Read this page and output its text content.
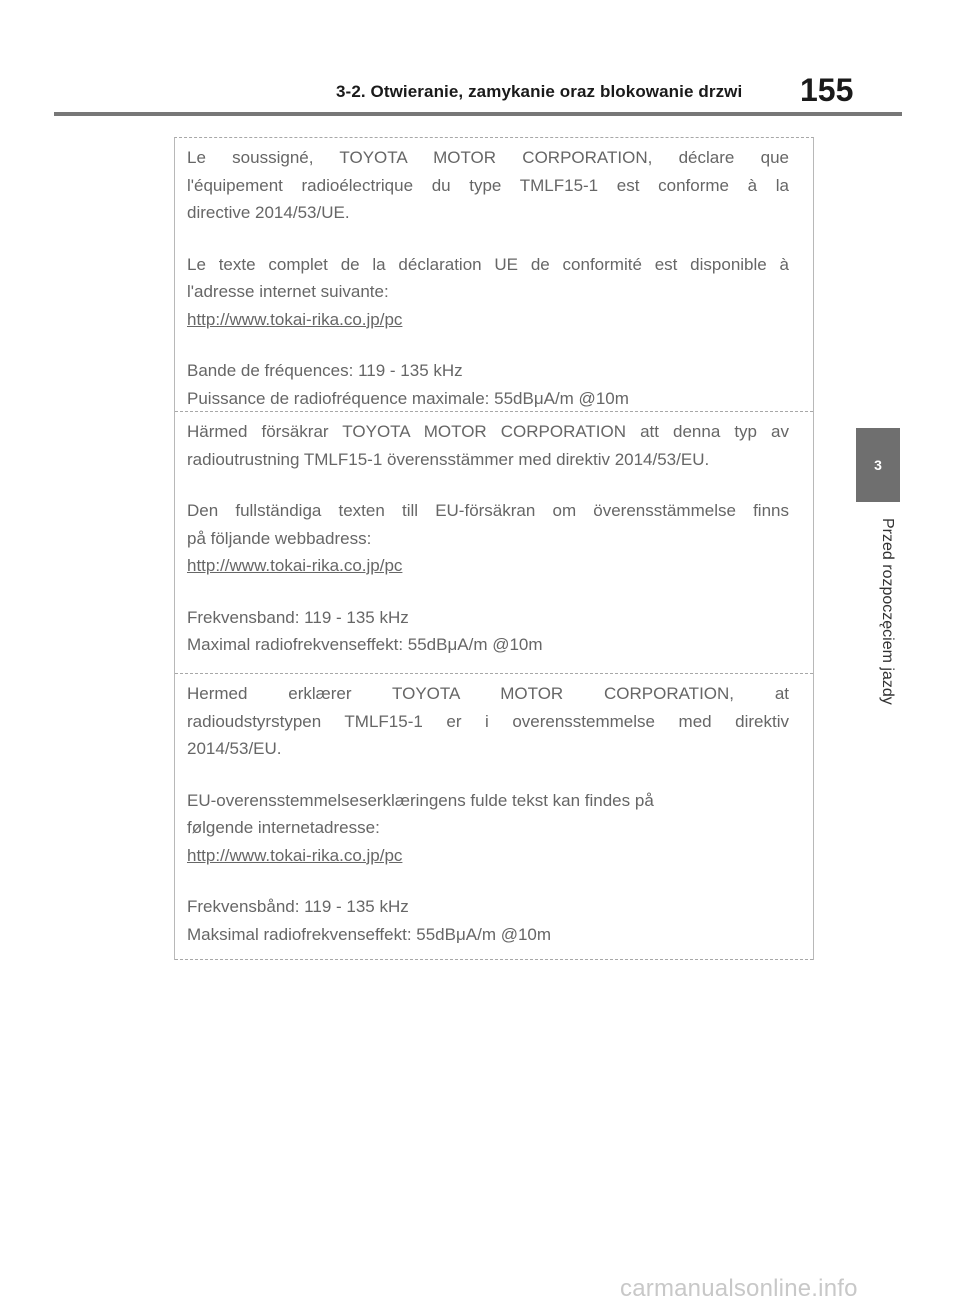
3-2. Otwieranie, zamykanie oraz blokowanie drzwi 155
3
Przed rozpoczęciem jazdy

Le soussigné, TOYOTA MOTOR CORPORATION, déclare que

l'équipement radioélectrique du type TMLF15-1 est conforme à la

directive 2014/53/UE.

Le texte complet de la déclaration UE de conformité est disponible à

l'adresse internet suivante:

http://www.tokai-rika.co.jp/pc

Bande de fréquences: 119 - 135 kHz

Puissance de radiofréquence maximale: 55dBμA/m @10m

Härmed försäkrar TOYOTA MOTOR CORPORATION att denna typ av

radioutrustning TMLF15-1 överensstämmer med direktiv 2014/53/EU.

Den fullständiga texten till EU-försäkran om överensstämmelse finns

på följande webbadress:

http://www.tokai-rika.co.jp/pc

Frekvensband: 119 - 135 kHz

Maximal radiofrekvenseffekt: 55dBμA/m @10m

Hermed erklærer TOYOTA MOTOR CORPORATION, at

radioudstyrstypen TMLF15-1 er i overensstemmelse med direktiv

2014/53/EU.

EU-overensstemmelseserklæringens fulde tekst kan findes på

følgende internetadresse:

http://www.tokai-rika.co.jp/pc

Frekvensbånd: 119 - 135 kHz

Maksimal radiofrekvenseffekt: 55dBμA/m @10m

carmanualsonline.info
